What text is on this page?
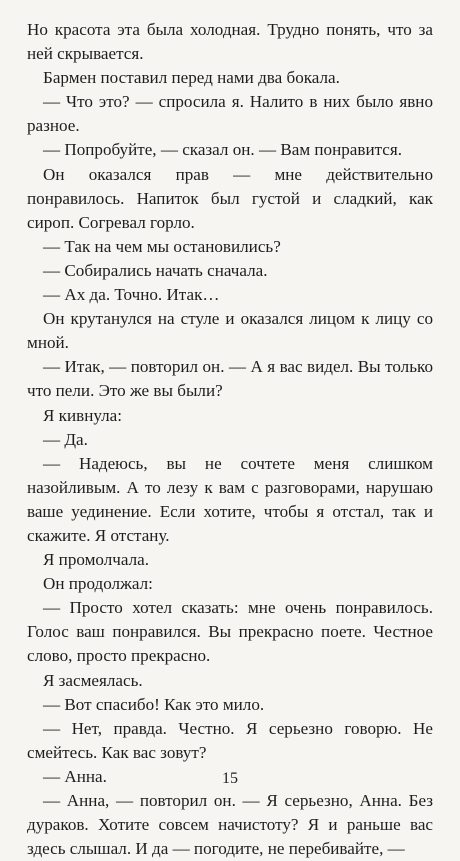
Но красота эта была холодная. Трудно понять, что за ней скрывается.

Бармен поставил перед нами два бокала.

— Что это? — спросила я. Налито в них было явно разное.

— Попробуйте, — сказал он. — Вам понравится.

Он оказался прав — мне действительно понравилось. Напиток был густой и сладкий, как сироп. Согревал горло.

— Так на чем мы остановились?

— Собирались начать сначала.

— Ах да. Точно. Итак…

Он крутанулся на стуле и оказался лицом к лицу со мной.

— Итак, — повторил он. — А я вас видел. Вы только что пели. Это же вы были?

Я кивнула:

— Да.

— Надеюсь, вы не сочтете меня слишком назойливым. А то лезу к вам с разговорами, нарушаю ваше уединение. Если хотите, чтобы я отстал, так и скажите. Я отстану.

Я промолчала.

Он продолжал:

— Просто хотел сказать: мне очень понравилось. Голос ваш понравился. Вы прекрасно поете. Честное слово, просто прекрасно.

Я засмеялась.

— Вот спасибо! Как это мило.

— Нет, правда. Честно. Я серьезно говорю. Не смейтесь. Как вас зовут?

— Анна.

— Анна, — повторил он. — Я серьезно, Анна. Без дураков. Хотите совсем начистоту? Я и раньше вас здесь слышал. И да — погодите, не перебивайте, —

15
